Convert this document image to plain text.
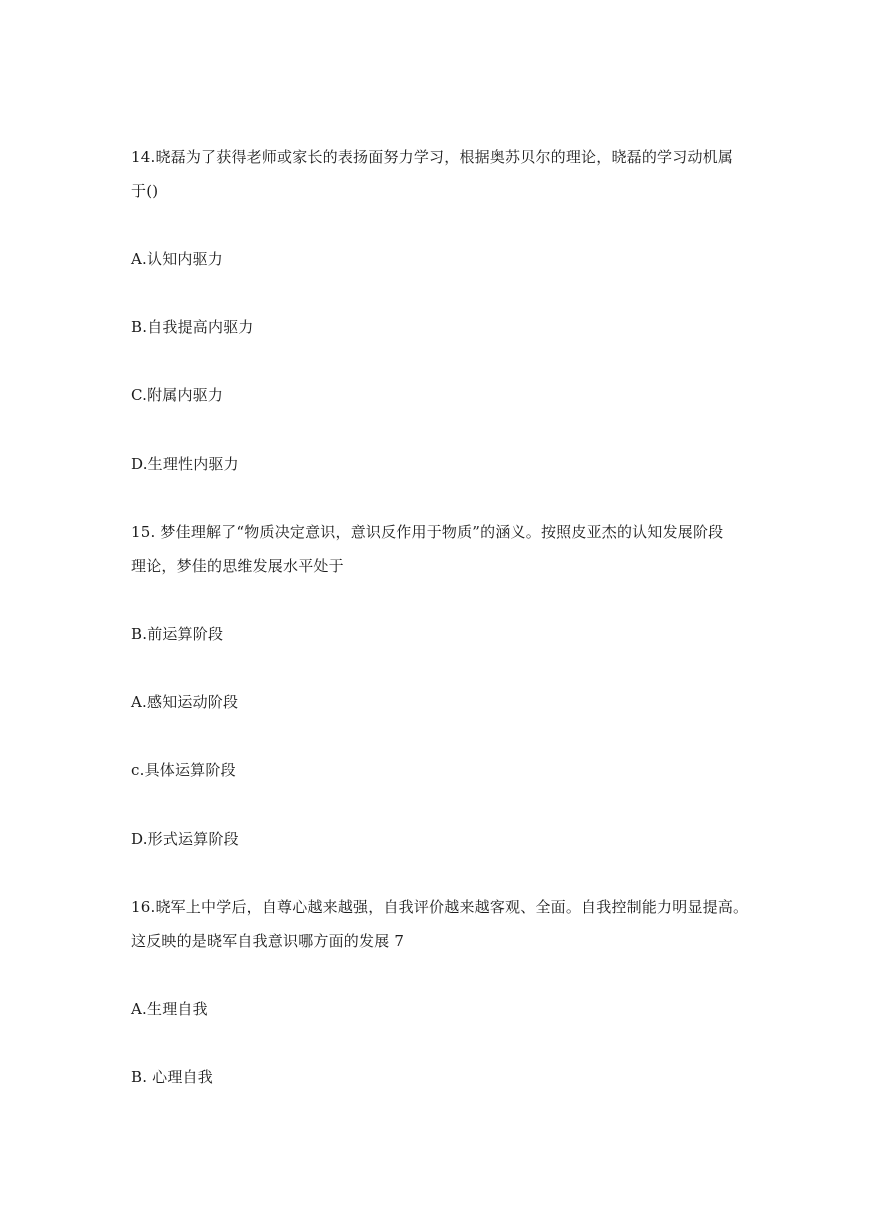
14.晓磊为了获得老师或家长的表扬面努力学习，根据奥苏贝尔的理论，晓磊的学习动机属
于()
A.认知内驱力
B.自我提高内驱力
C.附属内驱力
D.生理性内驱力
15. 梦佳理解了“物质决定意识，意识反作用于物质”的涵义。按照皮亚杰的认知发展阶段
理论，梦佳的思维发展水平处于
B.前运算阶段
A.感知运动阶段
c.具体运算阶段
D.形式运算阶段
16.晓军上中学后，自尊心越来越强，自我评价越来越客观、全面。自我控制能力明显提高。
这反映的是晓军自我意识哪方面的发展 7
A.生理自我
B. 心理自我
